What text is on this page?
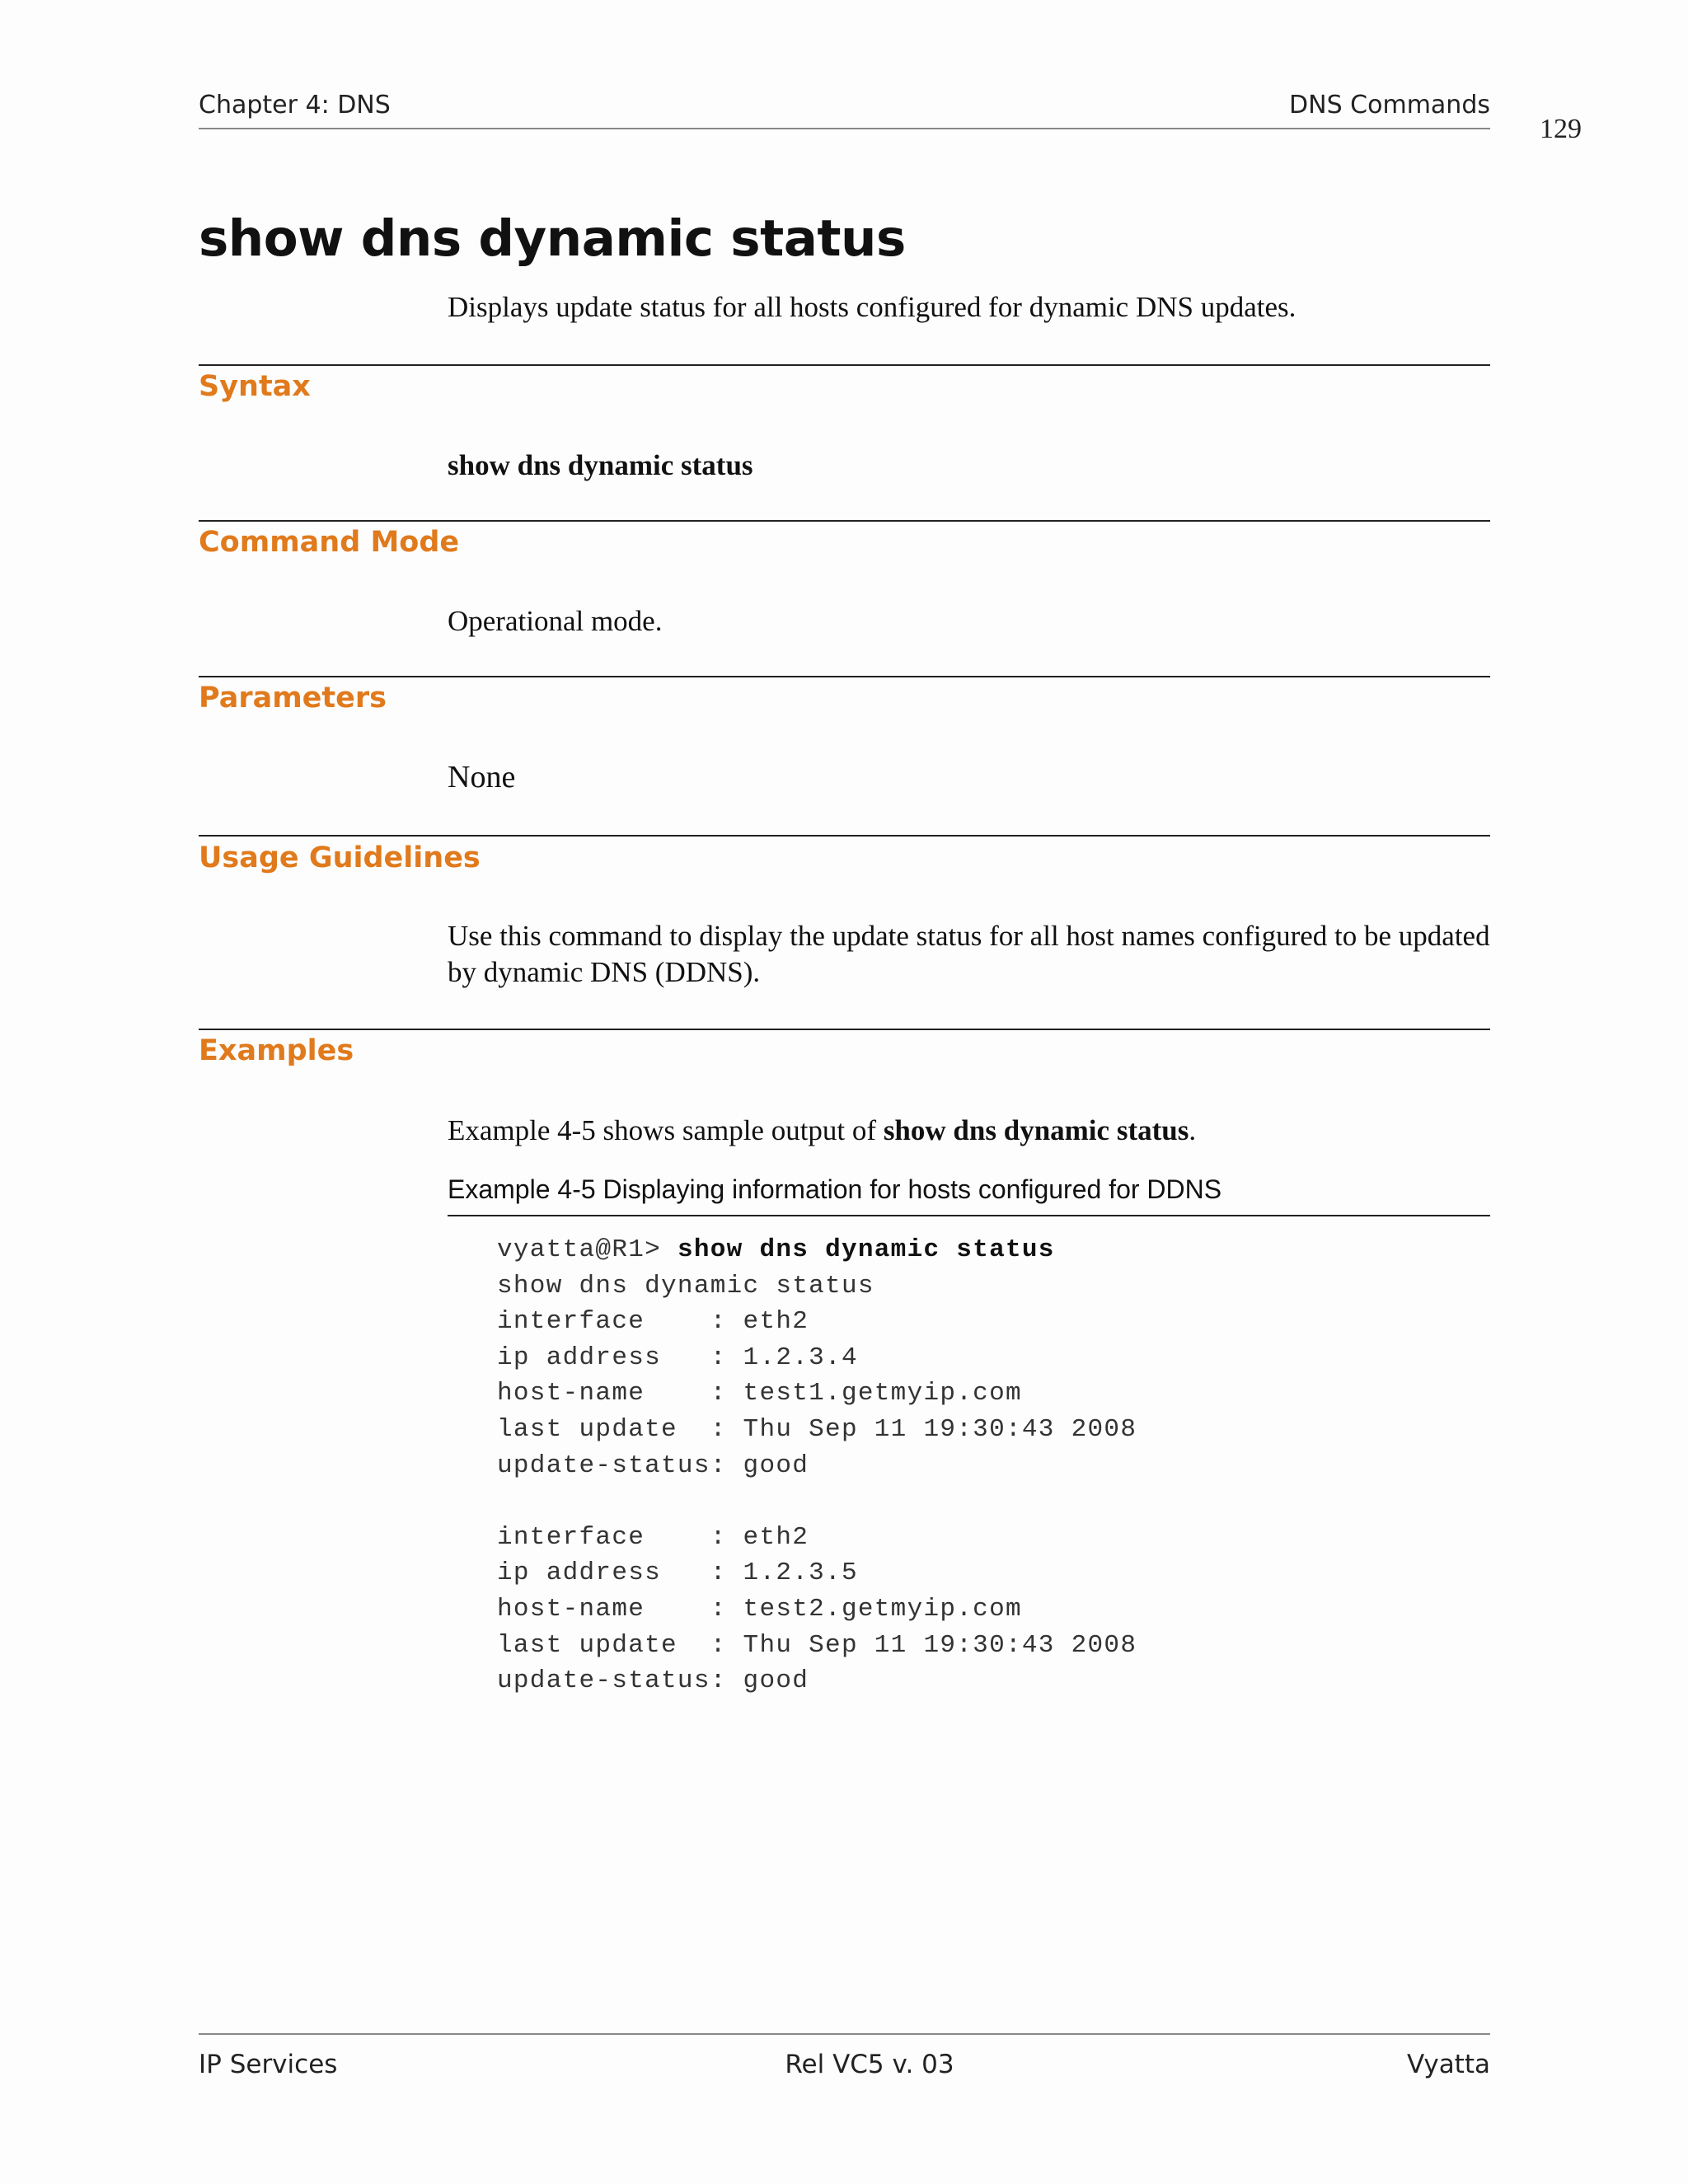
Chapter 4: DNS	DNS Commands
129
show dns dynamic status
Displays update status for all hosts configured for dynamic DNS updates.
Syntax
show dns dynamic status
Command Mode
Operational mode.
Parameters
None
Usage Guidelines
Use this command to display the update status for all host names configured to be updated
by dynamic DNS (DDNS).
Examples
Example 4-5 shows sample output of show dns dynamic status.
Example 4-5 Displaying information for hosts configured for DDNS
vyatta@R1> show dns dynamic status
show dns dynamic status
interface    : eth2
ip address   : 1.2.3.4
host-name    : test1.getmyip.com
last update  : Thu Sep 11 19:30:43 2008
update-status: good

interface    : eth2
ip address   : 1.2.3.5
host-name    : test2.getmyip.com
last update  : Thu Sep 11 19:30:43 2008
update-status: good
IP Services	Rel VC5 v. 03	Vyatta
